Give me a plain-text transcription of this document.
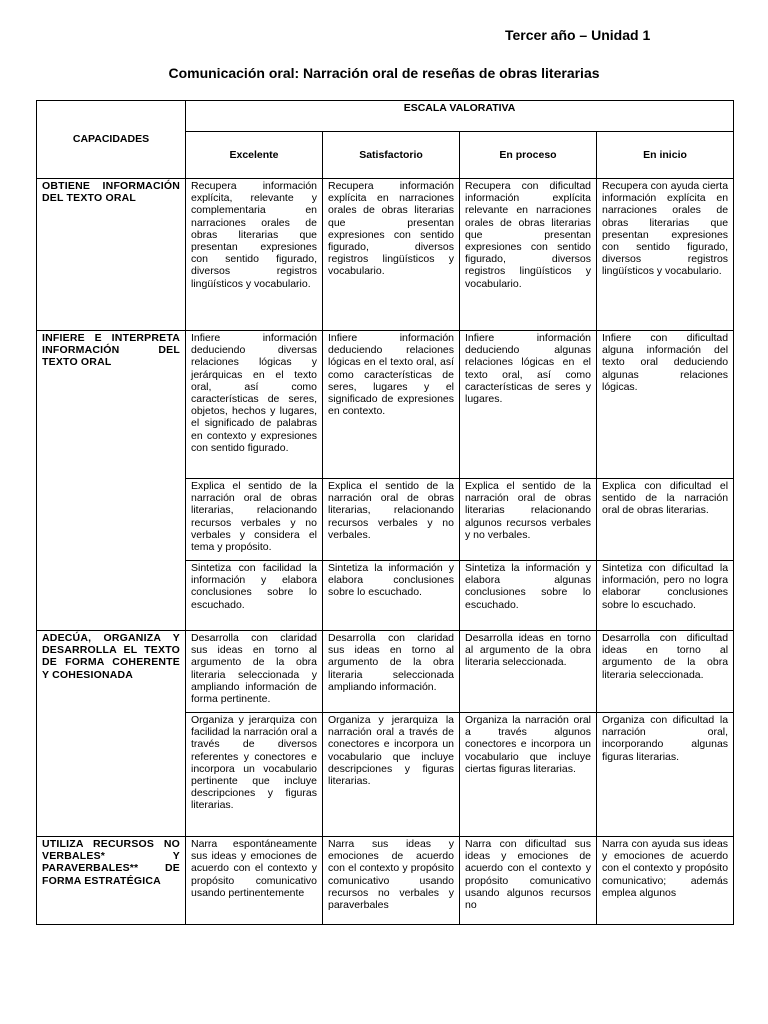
Tercer año – Unidad 1
Comunicación oral: Narración oral de reseñas de obras literarias
CAPACIDADES	ESCALA VALORATIVA			
	Excelente	Satisfactorio	En proceso	En inicio
OBTIENE INFORMACIÓN DEL TEXTO ORAL	Recupera información explícita, relevante y complementaria en narraciones orales de obras literarias que presentan expresiones con sentido figurado, diversos registros lingüísticos y vocabulario.	Recupera información explícita en narraciones orales de obras literarias que presentan expresiones con sentido figurado, diversos registros lingüísticos y vocabulario.	Recupera con dificultad información explícita relevante en narraciones orales de obras literarias que presentan expresiones con sentido figurado, diversos registros lingüísticos y vocabulario.	Recupera con ayuda cierta información explícita en narraciones orales de obras literarias que presentan expresiones con sentido figurado, diversos registros lingüísticos y vocabulario.
INFIERE E INTERPRETA INFORMACIÓN DEL TEXTO ORAL	Infiere información deduciendo diversas relaciones lógicas y jerárquicas en el texto oral, así como características de seres, objetos, hechos y lugares, el significado de palabras en contexto y expresiones con sentido figurado.	Infiere información deduciendo relaciones lógicas en el texto oral, así como características de seres, lugares y el significado de expresiones en contexto.	Infiere información deduciendo algunas relaciones lógicas en el texto oral, así como características de seres y lugares.	Infiere con dificultad alguna información del texto oral deduciendo algunas relaciones lógicas.
	Explica el sentido de la narración oral de obras literarias, relacionando recursos verbales y no verbales y considera el tema y propósito.	Explica el sentido de la narración oral de obras literarias, relacionando recursos verbales y no verbales.	Explica el sentido de la narración oral de obras literarias relacionando algunos recursos verbales y no verbales.	Explica con dificultad el sentido de la narración oral de obras literarias.
	Sintetiza con facilidad la información y elabora conclusiones sobre lo escuchado.	Sintetiza la información y elabora conclusiones sobre lo escuchado.	Sintetiza la información y elabora algunas conclusiones sobre lo escuchado.	Sintetiza con dificultad la información, pero no logra elaborar conclusiones sobre lo escuchado.
ADECÚA, ORGANIZA Y DESARROLLA EL TEXTO DE FORMA COHERENTE Y COHESIONADA	Desarrolla con claridad sus ideas en torno al argumento de la obra literaria seleccionada y ampliando información de forma pertinente.	Desarrolla con claridad sus ideas en torno al argumento de la obra literaria seleccionada ampliando información.	Desarrolla ideas en torno al argumento de la obra literaria seleccionada.	Desarrolla con dificultad ideas en torno al argumento de la obra literaria seleccionada.
	Organiza y jerarquiza con facilidad la narración oral a través de diversos referentes y conectores e incorpora un vocabulario pertinente que incluye descripciones y figuras literarias.	Organiza y jerarquiza la narración oral a través de conectores e incorpora un vocabulario que incluye descripciones y figuras literarias.	Organiza la narración oral a través algunos conectores e incorpora un vocabulario que incluye ciertas figuras literarias.	Organiza con dificultad la narración oral, incorporando algunas figuras literarias.
UTILIZA RECURSOS NO VERBALES* Y PARAVERBALES** DE FORMA ESTRATÉGICA	Narra espontáneamente sus ideas y emociones de acuerdo con el contexto y propósito comunicativo usando pertinentemente	Narra sus ideas y emociones de acuerdo con el contexto y propósito comunicativo usando recursos no verbales y paraverbales	Narra con dificultad sus ideas y emociones de acuerdo con el contexto y propósito comunicativo usando algunos recursos no	Narra con ayuda sus ideas y emociones de acuerdo con el contexto y propósito comunicativo; además emplea algunos
